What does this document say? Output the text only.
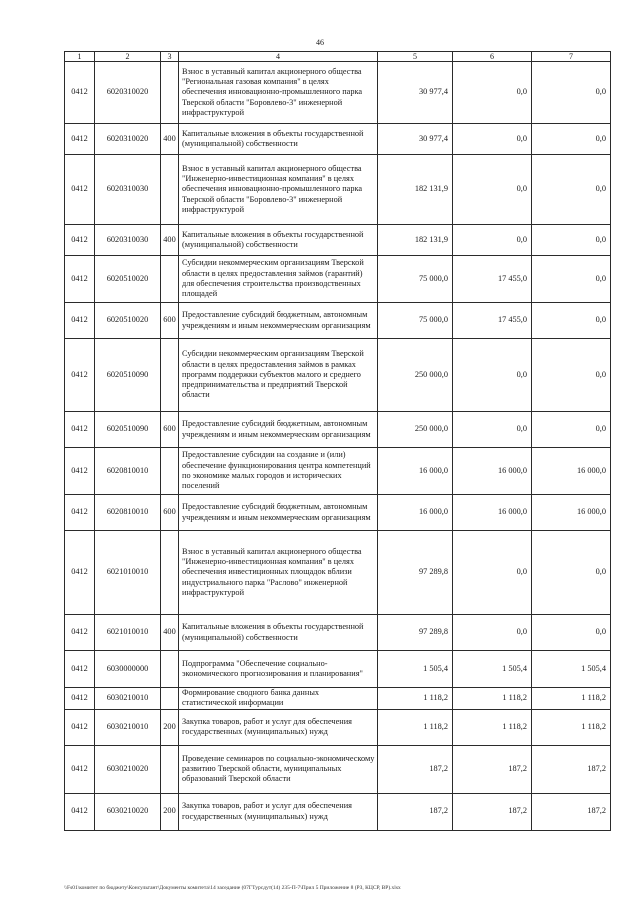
46
1	2	3	4	5	6	7
0412	6020310020		Взнос в уставный капитал акционерного общества "Региональная газовая компания" в целях обеспечения инновационно-промышленного парка Тверской области "Боровлево-3" инженерной инфраструктурой	30 977,4	0,0	0,0
0412	6020310020	400	Капитальные вложения в объекты государственной (муниципальной) собственности	30 977,4	0,0	0,0
0412	6020310030		Взнос в уставный капитал акционерного общества "Инженерно-инвестиционная компания" в целях обеспечения инновационно-промышленного парка Тверской области "Боровлево-3" инженерной инфраструктурой	182 131,9	0,0	0,0
0412	6020310030	400	Капитальные вложения в объекты государственной (муниципальной) собственности	182 131,9	0,0	0,0
0412	6020510020		Субсидии некоммерческим организациям Тверской области в целях предоставления займов (гарантий) для обеспечения строительства производственных площадей	75 000,0	17 455,0	0,0
0412	6020510020	600	Предоставление субсидий бюджетным, автономным учреждениям и иным некоммерческим организациям	75 000,0	17 455,0	0,0
0412	6020510090		Субсидии некоммерческим организациям Тверской области в целях предоставления займов в рамках программ поддержки субъектов малого и среднего предпринимательства и предприятий Тверской области	250 000,0	0,0	0,0
0412	6020510090	600	Предоставление субсидий бюджетным, автономным учреждениям и иным некоммерческим организациям	250 000,0	0,0	0,0
0412	6020810010		Предоставление субсидии на создание и (или) обеспечение функционирования центра компетенций по экономике малых городов и исторических поселений	16 000,0	16 000,0	16 000,0
0412	6020810010	600	Предоставление субсидий бюджетным, автономным учреждениям и иным некоммерческим организациям	16 000,0	16 000,0	16 000,0
0412	6021010010		Взнос в уставный капитал акционерного общества "Инженерно-инвестиционная компания" в целях обеспечения инвестиционных площадок вблизи индустриального парка "Раслово" инженерной инфраструктурой	97 289,8	0,0	0,0
0412	6021010010	400	Капитальные вложения в объекты государственной (муниципальной) собственности	97 289,8	0,0	0,0
0412	6030000000		Подпрограмма "Обеспечение социально-экономического прогнозирования и планирования"	1 505,4	1 505,4	1 505,4
0412	6030210010		Формирование сводного банка данных статистической информации	1 118,2	1 118,2	1 118,2
0412	6030210010	200	Закупка товаров, работ и услуг для обеспечения государственных (муниципальных) нужд	1 118,2	1 118,2	1 118,2
0412	6030210020		Проведение семинаров по социально-экономическому развитию Тверской области, муниципальных образований Тверской области	187,2	187,2	187,2
0412	6030210020	200	Закупка товаров, работ и услуг для обеспечения государственных (муниципальных) нужд	187,2	187,2	187,2
\\Fs01\комитет по бюджету\Консультант\Документы комитета\14 заседание (07ГТурсдут(14) 235-П-7\Прил 5 Приложение 8 (РЗ, КЦСР, ВР).xlsx
